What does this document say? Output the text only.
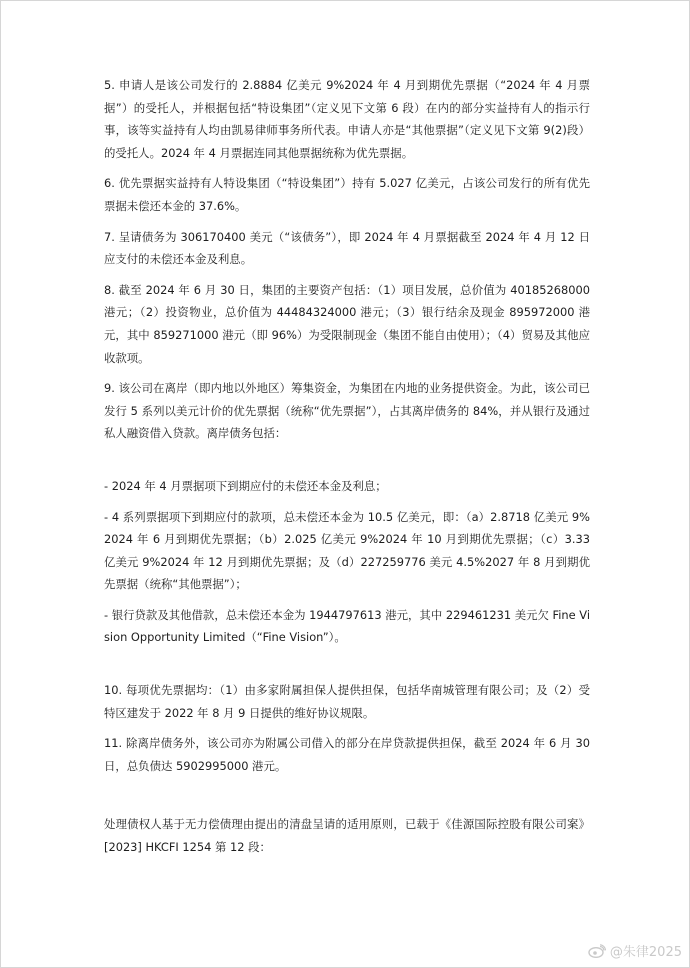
5. 申请人是该公司发行的 2.8884 亿美元 9%2024 年 4 月到期优先票据（“2024 年 4 月票据”）的受托人，并根据包括“特设集团”（定义见下文第 6 段）在内的部分实益持有人的指示行事，该等实益持有人均由凯易律师事务所代表。申请人亦是“其他票据”（定义见下文第 9(2)段）的受托人。2024 年 4 月票据连同其他票据统称为优先票据。

6. 优先票据实益持有人特设集团（“特设集团”）持有 5.027 亿美元，占该公司发行的所有优先票据未偿还本金的 37.6%。

7. 呈请债务为 306170400 美元（“该债务”），即 2024 年 4 月票据截至 2024 年 4 月 12 日应支付的未偿还本金及利息。

8. 截至 2024 年 6 月 30 日，集团的主要资产包括：（1）项目发展，总价值为 40185268000 港元；（2）投资物业，总价值为 44484324000 港元；（3）银行结余及现金 895972000 港元，其中 859271000 港元（即 96%）为受限制现金（集团不能自由使用）；（4）贸易及其他应收款项。

9. 该公司在离岸（即内地以外地区）筹集资金，为集团在内地的业务提供资金。为此，该公司已发行 5 系列以美元计价的优先票据（统称“优先票据”），占其离岸债务的 84%，并从银行及通过私人融资借入贷款。离岸债务包括：

- 2024 年 4 月票据项下到期应付的未偿还本金及利息；

- 4 系列票据项下到期应付的款项，总未偿还本金为 10.5 亿美元，即：（a）2.8718 亿美元 9%2024 年 6 月到期优先票据；（b）2.025 亿美元 9%2024 年 10 月到期优先票据；（c）3.33 亿美元 9%2024 年 12 月到期优先票据；及（d）227259776 美元 4.5%2027 年 8 月到期优先票据（统称“其他票据”）；

- 银行贷款及其他借款，总未偿还本金为 1944797613 港元，其中 229461231 美元欠 Fine Vision Opportunity Limited（“Fine Vision”）。

10. 每项优先票据均：（1）由多家附属担保人提供担保，包括华南城管理有限公司；及（2）受特区建发于 2022 年 8 月 9 日提供的维好协议规限。

11. 除离岸债务外，该公司亦为附属公司借入的部分在岸贷款提供担保，截至 2024 年 6 月 30 日，总负债达 5902995000 港元。

处理债权人基于无力偿债理由提出的清盘呈请的适用原则，已载于《佳源国际控股有限公司案》[2023] HKCFI 1254 第 12 段：

@朱律2025
